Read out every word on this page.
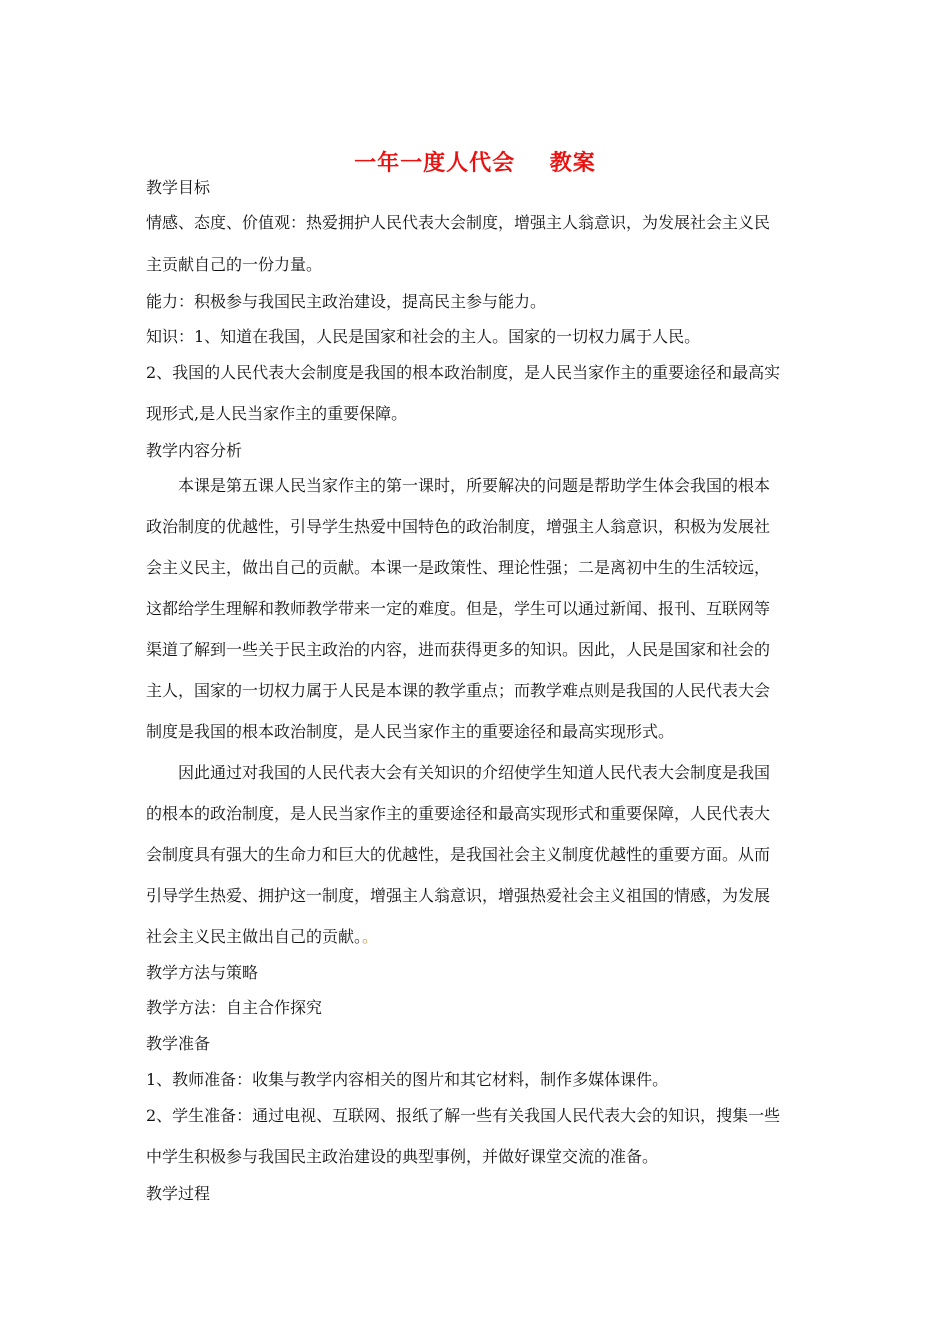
一年一度人代会    教案
教学目标
情感、态度、价值观：热爱拥护人民代表大会制度，增强主人翁意识，为发展社会主义民
主贡献自己的一份力量。
能力：积极参与我国民主政治建设，提高民主参与能力。
知识：1、知道在我国，人民是国家和社会的主人。国家的一切权力属于人民。
2、我国的人民代表大会制度是我国的根本政治制度，是人民当家作主的重要途径和最高实
现形式,是人民当家作主的重要保障。
教学内容分析
本课是第五课人民当家作主的第一课时，所要解决的问题是帮助学生体会我国的根本
政治制度的优越性，引导学生热爱中国特色的政治制度，增强主人翁意识，积极为发展社
会主义民主，做出自己的贡献。本课一是政策性、理论性强；二是离初中生的生活较远，
这都给学生理解和教师教学带来一定的难度。但是，学生可以通过新闻、报刊、互联网等
渠道了解到一些关于民主政治的内容，进而获得更多的知识。因此，人民是国家和社会的
主人，国家的一切权力属于人民是本课的教学重点；而教学难点则是我国的人民代表大会
制度是我国的根本政治制度，是人民当家作主的重要途径和最高实现形式。
因此通过对我国的人民代表大会有关知识的介绍使学生知道人民代表大会制度是我国
的根本的政治制度，是人民当家作主的重要途径和最高实现形式和重要保障，人民代表大
会制度具有强大的生命力和巨大的优越性，是我国社会主义制度优越性的重要方面。从而
引导学生热爱、拥护这一制度，增强主人翁意识，增强热爱社会主义祖国的情感，为发展
社会主义民主做出自己的贡献。。
教学方法与策略
教学方法：自主合作探究
教学准备
1、教师准备：收集与教学内容相关的图片和其它材料，制作多媒体课件。
2、学生准备：通过电视、互联网、报纸了解一些有关我国人民代表大会的知识，搜集一些
中学生积极参与我国民主政治建设的典型事例，并做好课堂交流的准备。
教学过程
